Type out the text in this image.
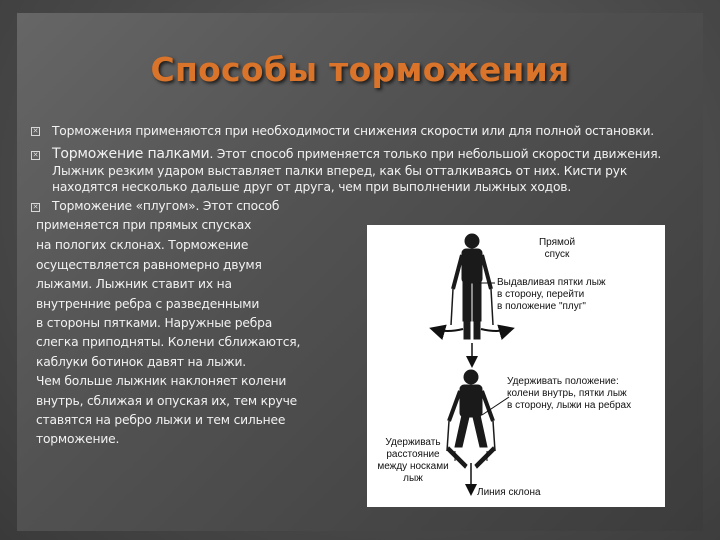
Способы торможения
✕ Торможения применяются при необходимости снижения скорости или для полной остановки.
✕ Торможение палками. Этот способ применяется только при небольшой скорости движения.
Лыжник резким ударом выставляет палки вперед, как бы отталкиваясь от них. Кисти рук
находятся несколько дальше друг от друга, чем при выполнении лыжных ходов.
✕ Торможение «плугом». Этот способ
применяется при прямых спусках
на пологих склонах. Торможение
осуществляется равномерно двумя
лыжами. Лыжник ставит их на
внутренние ребра с разведенными
в стороны пятками. Наружные ребра
слегка приподняты. Колени сближаются,
каблуки ботинок давят на лыжи.
Чем больше лыжник наклоняет колени
внутрь, сближая и опуская их, тем круче
ставятся на ребро лыжи и тем сильнее
торможение.
Прямой
спуск
Выдавливая пятки лыж
в сторону, перейти
в положение "плуг"
Удерживать положение:
колени внутрь, пятки лыж
в сторону, лыжи на ребрах
Удерживать
расстояние
между носками
лыж
Линия склона
